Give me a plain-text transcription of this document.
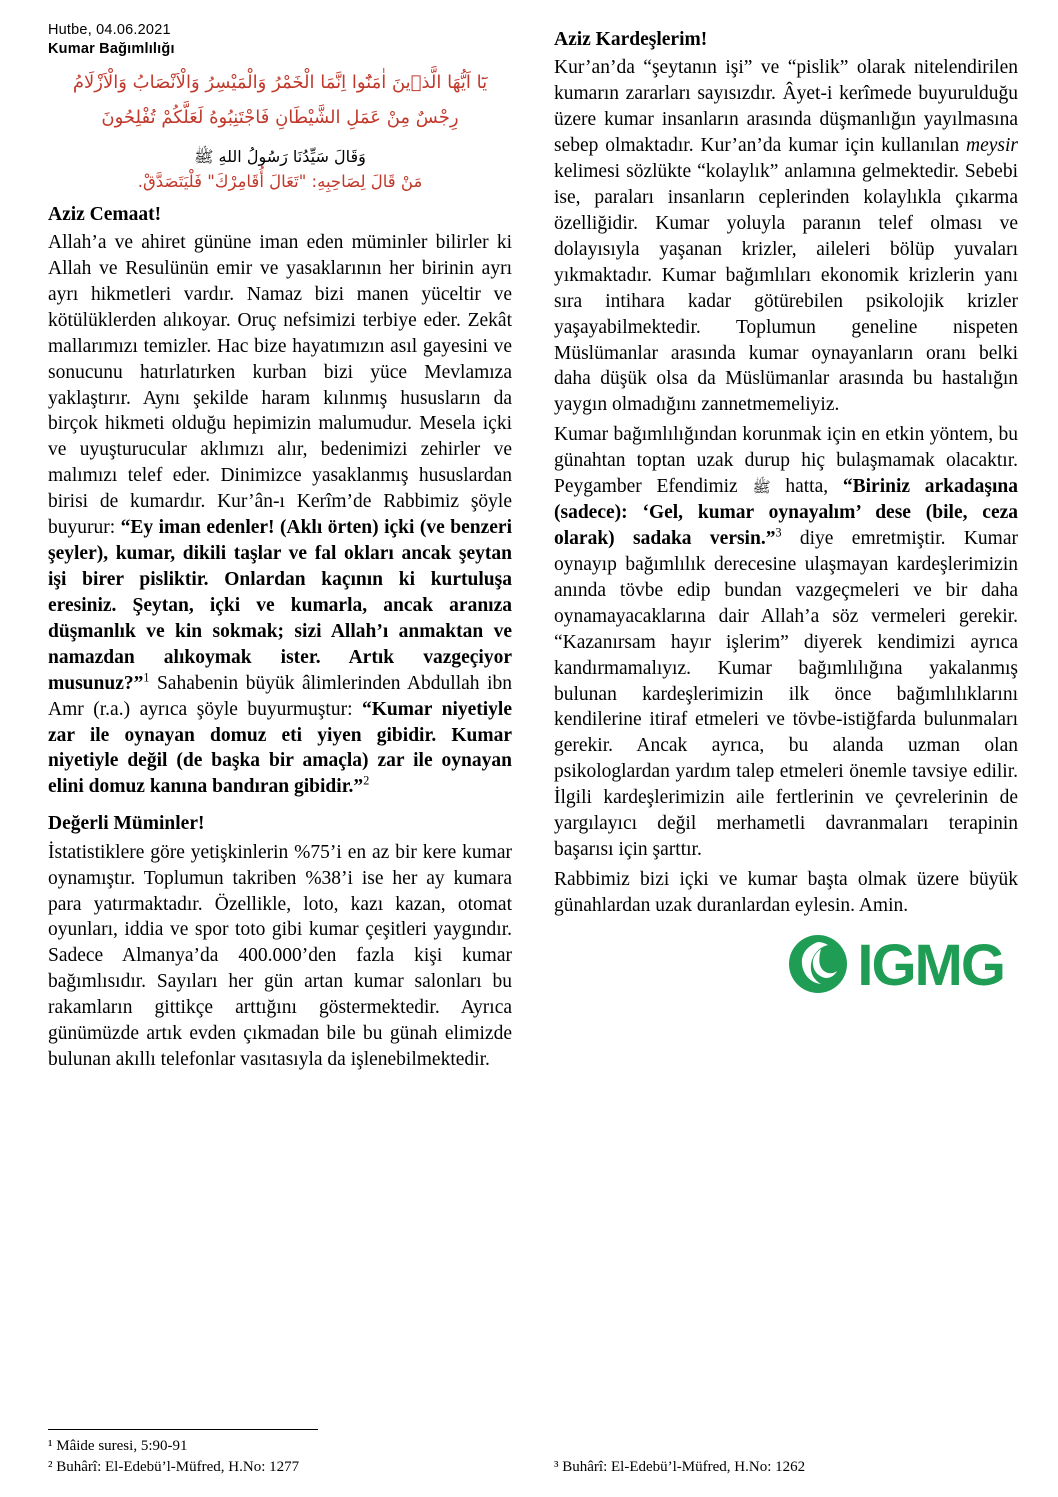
Hutbe, 04.06.2021
Kumar Bağımlılığı
يَٓا اَيُّهَا الَّذ۪ينَ اٰمَنُٓوا اِنَّمَا الْخَمْرُ وَالْمَيْسِرُ وَالْاَنْصَابُ وَالْاَزْلَامُ
رِجْسٌ مِنْ عَمَلِ الشَّيْطَانِ فَاجْتَنِبُوهُ لَعَلَّكُمْ تُفْلِحُونَ
وَقَالَ سَيِّدُنَا رَسُولُ اللهِ ﷺ
مَنْ قَالَ لِصَاحِبِهِ: "تَعَالَ أُقَامِرْكَ" فَلْيَتَصَدَّقْ.
Aziz Cemaat!

Allah’a ve ahiret gününe iman eden müminler bilirler ki Allah ve Resulünün emir ve yasaklarının her birinin ayrı ayrı hikmetleri vardır. Namaz bizi manen yüceltir ve kötülüklerden alıkoyar. Oruç nefsimizi terbiye eder. Zekât mallarımızı temizler. Hac bize hayatımızın asıl gayesini ve sonucunu hatırlatırken kurban bizi yüce Mevlamıza yaklaştırır. Aynı şekilde haram kılınmış hususların da birçok hikmeti olduğu hepimizin malumudur. Mesela içki ve uyuşturucular aklımızı alır, bedenimizi zehirler ve malımızı telef eder. Dinimizce yasaklanmış hususlardan birisi de kumardır. Kur’ân-ı Kerîm’de Rabbimiz şöyle buyurur: “Ey iman edenler! (Aklı örten) içki (ve benzeri şeyler), kumar, dikili taşlar ve fal okları ancak şeytan işi birer pisliktir. Onlardan kaçının ki kurtuluşa eresiniz. Şeytan, içki ve kumarla, ancak aranıza düşmanlık ve kin sokmak; sizi Allah’ı anmaktan ve namazdan alıkoymak ister. Artık vazgeçiyor musunuz?”$^1$ Sahabenin büyük âlimlerinden Abdullah ibn Amr (r.a.) ayrıca şöyle buyurmuştur: “Kumar niyetiyle zar ile oynayan domuz eti yiyen gibidir. Kumar niyetiyle değil (de başka bir amaçla) zar ile oynayan elini domuz kanına bandıran gibidir.”$^2$

Değerli Müminler!

İstatistiklere göre yetişkinlerin %75’i en az bir kere kumar oynamıştır. Toplumun takriben %38’i ise her ay kumara para yatırmaktadır. Özellikle, loto, kazı kazan, otomat oyunları, iddia ve spor toto gibi kumar çeşitleri yaygındır. Sadece Almanya’da 400.000’den fazla kişi kumar bağımlısıdır. Sayıları her gün artan kumar salonları bu rakamların gittikçe arttığını göstermektedir. Ayrıca günümüzde artık evden çıkmadan bile bu günah elimizde bulunan akıllı telefonlar vasıtasıyla da işlenebilmektedir.

¹ Mâide suresi, 5:90-91
² Buhârî: El-Edebü’l-Müfred, H.No: 1277
Aziz Kardeşlerim!

Kur’an’da “şeytanın işi” ve “pislik” olarak nitelendirilen kumarın zararları sayısızdır. Âyet-i kerîmede buyurulduğu üzere kumar insanların arasında düşmanlığın yayılmasına sebep olmaktadır. Kur’an’da kumar için kullanılan meysir kelimesi sözlükte “kolaylık” anlamına gelmektedir. Sebebi ise, paraları insanların ceplerinden kolaylıkla çıkarma özelliğidir. Kumar yoluyla paranın telef olması ve dolayısıyla yaşanan krizler, aileleri bölüp yuvaları yıkmaktadır. Kumar bağımlıları ekonomik krizlerin yanı sıra intihara kadar götürebilen psikolojik krizler yaşayabilmektedir. Toplumun geneline nispeten Müslümanlar arasında kumar oynayanların oranı belki daha düşük olsa da Müslümanlar arasında bu hastalığın yaygın olmadığını zannetmemeliyiz.

Kumar bağımlılığından korunmak için en etkin yöntem, bu günahtan toptan uzak durup hiç bulaşmamak olacaktır. Peygamber Efendimiz ﷺ hatta, “Biriniz arkadaşına (sadece): ‘Gel, kumar oynayalım’ dese (bile, ceza olarak) sadaka versin.”$^3$ diye emretmiştir. Kumar oynayıp bağımlılık derecesine ulaşmayan kardeşlerimizin anında tövbe edip bundan vazgeçmeleri ve bir daha oynamayacaklarına dair Allah’a söz vermeleri gerekir. “Kazanırsam hayır işlerim” diyerek kendimizi ayrıca kandırmamalıyız. Kumar bağımlılığına yakalanmış bulunan kardeşlerimizin ilk önce bağımlılıklarını kendilerine itiraf etmeleri ve tövbe-istiğfarda bulunmaları gerekir. Ancak ayrıca, bu alanda uzman olan psikologlardan yardım talep etmeleri önemle tavsiye edilir. İlgili kardeşlerimizin aile fertlerinin ve çevrelerinin de yargılayıcı değil merhametli davranmaları terapinin başarısı için şarttır.

Rabbimiz bizi içki ve kumar başta olmak üzere büyük günahlardan uzak duranlardan eylesin. Amin.

IGMG
³ Buhârî: El-Edebü’l-Müfred, H.No: 1262
